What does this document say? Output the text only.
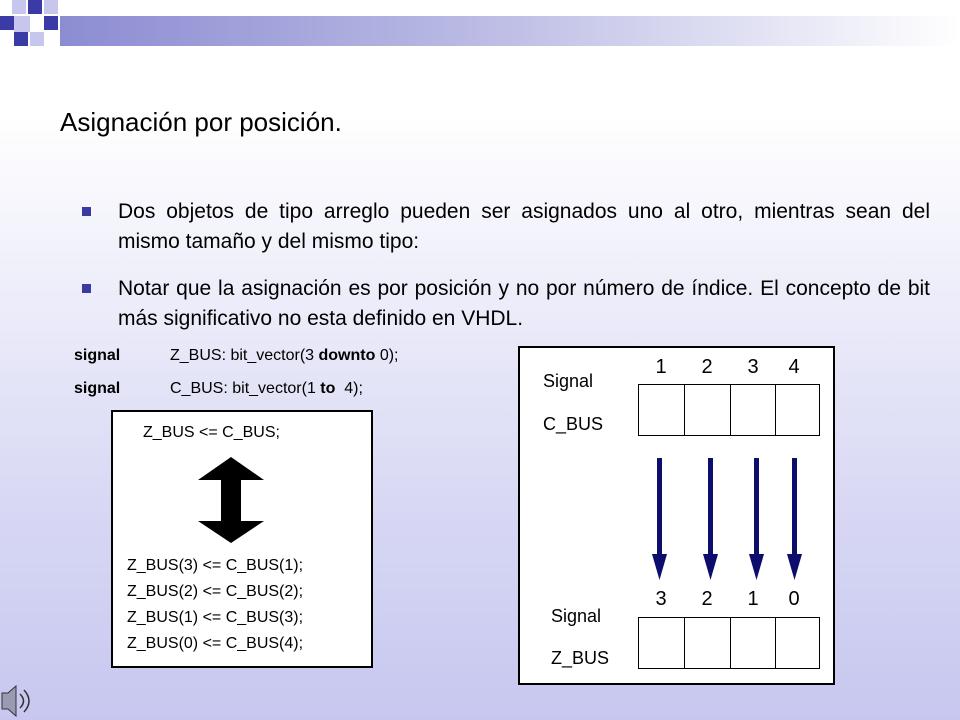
Asignación por posición.
Dos objetos de tipo arreglo pueden ser asignados uno al otro, mientras sean del mismo tamaño y del mismo tipo:
Notar que la asignación es por posición y no por número de índice. El concepto de bit más significativo no esta definido en VHDL.
signal	Z_BUS: bit_vector(3 downto 0);
signal	C_BUS: bit_vector(1 to  4);
Z_BUS <= C_BUS;
Z_BUS(3) <= C_BUS(1);
Z_BUS(2) <= C_BUS(2);
Z_BUS(1) <= C_BUS(3);
Z_BUS(0) <= C_BUS(4);
Signal
C_BUS
1	2	3	4
3	2	1	0
Signal
Z_BUS
